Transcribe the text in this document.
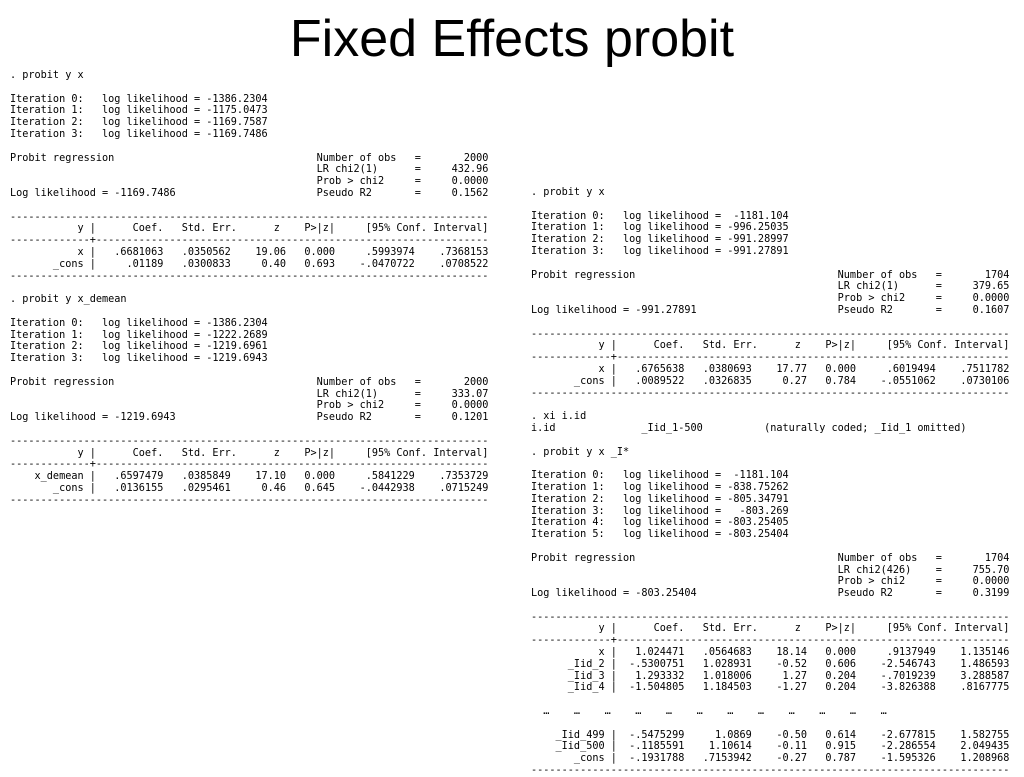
Fixed Effects probit
. probit y x

Iteration 0:   log likelihood = -1386.2304
Iteration 1:   log likelihood = -1175.0473
Iteration 2:   log likelihood = -1169.7587
Iteration 3:   log likelihood = -1169.7486

Probit regression                                 Number of obs   =       2000
LR chi2(1)      =     432.96
Prob > chi2     =     0.0000
Log likelihood = -1169.7486                       Pseudo R2       =     0.1562

------------------------------------------------------------------------------
y |      Coef.   Std. Err.      z    P>|z|     [95% Conf. Interval]
-------------+----------------------------------------------------------------
x |   .6681063   .0350562    19.06   0.000     .5993974    .7368153
_cons |     .01189   .0300833     0.40   0.693    -.0470722    .0708522
------------------------------------------------------------------------------

. probit y x_demean

Iteration 0:   log likelihood = -1386.2304
Iteration 1:   log likelihood = -1222.2689
Iteration 2:   log likelihood = -1219.6961
Iteration 3:   log likelihood = -1219.6943

Probit regression                                 Number of obs   =       2000
LR chi2(1)      =     333.07
Prob > chi2     =     0.0000
Log likelihood = -1219.6943                       Pseudo R2       =     0.1201

------------------------------------------------------------------------------
y |      Coef.   Std. Err.      z    P>|z|     [95% Conf. Interval]
-------------+----------------------------------------------------------------
x_demean |   .6597479   .0385849    17.10   0.000     .5841229    .7353729
_cons |   .0136155   .0295461     0.46   0.645    -.0442938    .0715249
------------------------------------------------------------------------------
. probit y x

Iteration 0:   log likelihood =  -1181.104
Iteration 1:   log likelihood = -996.25035
Iteration 2:   log likelihood = -991.28997
Iteration 3:   log likelihood = -991.27891

Probit regression                                 Number of obs   =       1704
LR chi2(1)      =     379.65
Prob > chi2     =     0.0000
Log likelihood = -991.27891                       Pseudo R2       =     0.1607

------------------------------------------------------------------------------
y |      Coef.   Std. Err.      z    P>|z|     [95% Conf. Interval]
-------------+----------------------------------------------------------------
x |   .6765638   .0380693    17.77   0.000     .6019494    .7511782
_cons |   .0089522   .0326835     0.27   0.784    -.0551062    .0730106
------------------------------------------------------------------------------

. xi i.id
i.id              _Iid_1-500          (naturally coded; _Iid_1 omitted)

. probit y x _I*

Iteration 0:   log likelihood =  -1181.104
Iteration 1:   log likelihood = -838.75262
Iteration 2:   log likelihood = -805.34791
Iteration 3:   log likelihood =   -803.269
Iteration 4:   log likelihood = -803.25405
Iteration 5:   log likelihood = -803.25404

Probit regression                                 Number of obs   =       1704
LR chi2(426)    =     755.70
Prob > chi2     =     0.0000
Log likelihood = -803.25404                       Pseudo R2       =     0.3199

------------------------------------------------------------------------------
y |      Coef.   Std. Err.      z    P>|z|     [95% Conf. Interval]
-------------+----------------------------------------------------------------
x |   1.024471   .0564683    18.14   0.000     .9137949    1.135146
_Iid_2 |  -.5300751   1.028931    -0.52   0.606    -2.546743    1.486593
_Iid_3 |   1.293332   1.018006     1.27   0.204    -.7019239    3.288587
_Iid_4 |  -1.504805   1.184503    -1.27   0.204    -3.826388    .8167775

…    …    …    …    …    …    …    …    …    …    …    …

_Iid_499 |  -.5475299     1.0869    -0.50   0.614    -2.677815    1.582755
_Iid_500 |  -.1185591    1.10614    -0.11   0.915    -2.286554    2.049435
_cons |  -.1931788   .7153942    -0.27   0.787    -1.595326    1.208968
------------------------------------------------------------------------------
